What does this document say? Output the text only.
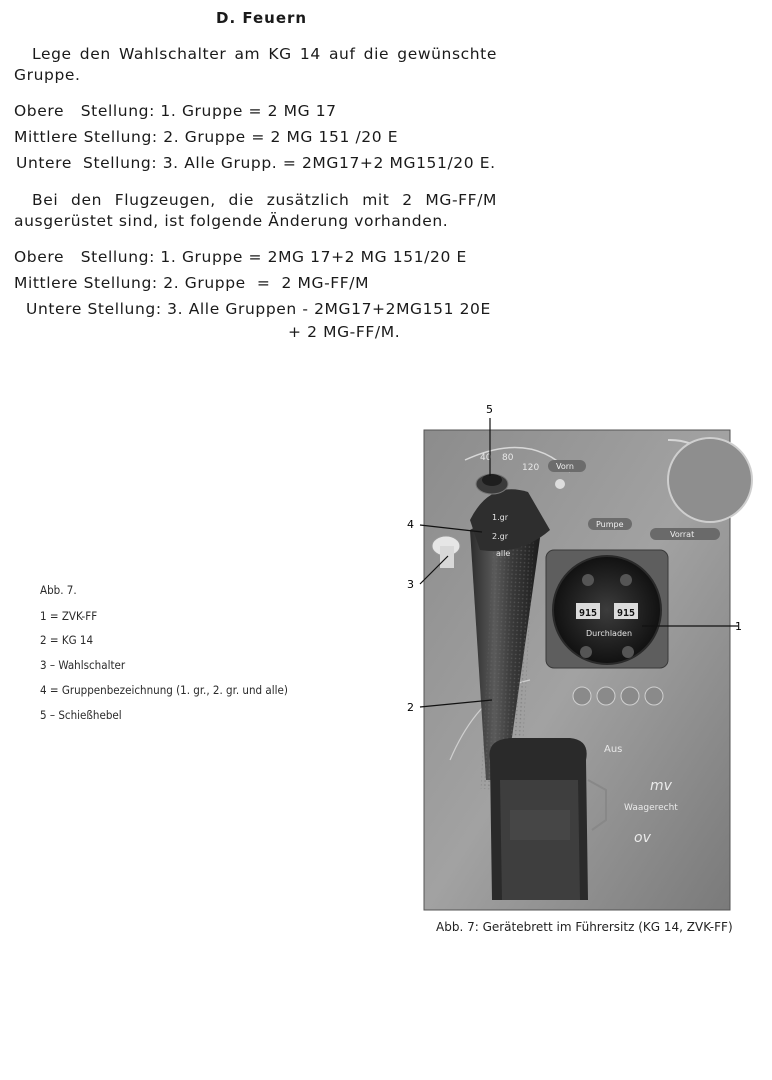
D. Feuern
Lege den Wahlschalter am KG 14 auf die gewünschte Gruppe.
Obere   Stellung: 1. Gruppe = 2 MG 17
Mittlere Stellung: 2. Gruppe = 2 MG 151 /20 E
Untere  Stellung: 3. Alle Grupp. = 2MG17+2 MG151/20 E.
Bei den Flugzeugen, die zusätzlich mit 2 MG-FF/M ausgerüstet sind, ist folgende Änderung vorhanden.
Obere   Stellung: 1. Gruppe = 2MG 17+2 MG 151/20 E
Mittlere Stellung: 2. Gruppe  =  2 MG-FF/M
Untere Stellung: 3. Alle Gruppen - 2MG17+2MG151 20E
+ 2 MG-FF/M.
Abb. 7.
1 = ZVK-FF
2 = KG 14
3 – Wahlschalter
4 = Gruppenbezeichnung (1. gr., 2. gr. und alle)
5 – Schießhebel
40 80
120 Vorn
Vorrat
Pumpe
915 915
Durchladen
Aus
mv
Waagerecht
ov
1.gr
2.gr
alle
5
4
3
1
2
Abb. 7: Gerätebrett im Führersitz (KG 14, ZVK-FF)
